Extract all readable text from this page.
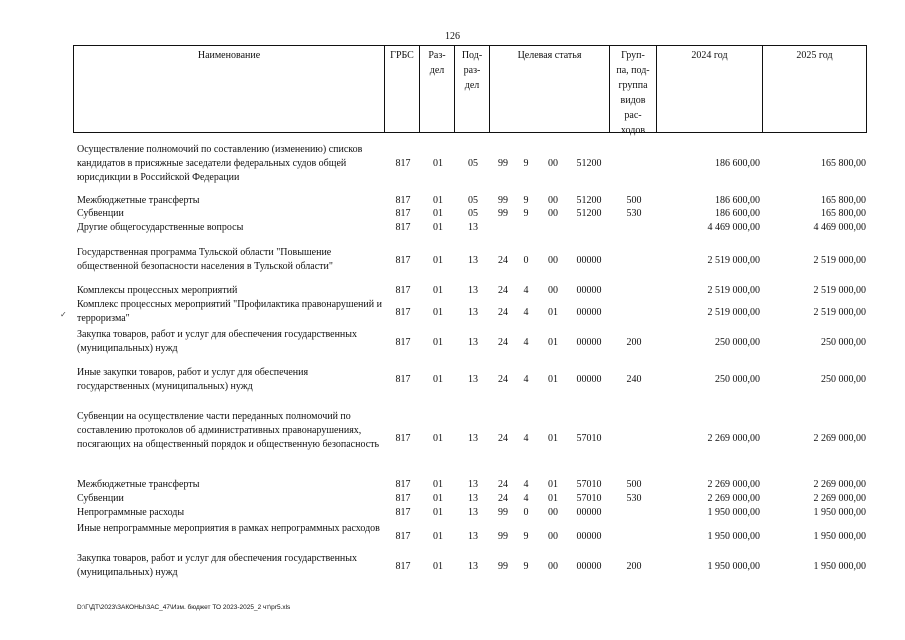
126
Наименование	ГРБС	Раз-
дел
Под-
раз-
дел
Целевая статья	Груп-
па, под-
группа
видов
рас-
ходов
2024 год	2025 год
Осуществление полномочий по составлению (изменению) списков кандидатов в присяжные заседатели федеральных судов общей юрисдикции в Российской Федерации
817	01	05	99	9	00	51200	186 600,00	165 800,00
Межбюджетные трансферты	817	01	05	99	9	00	51200	500	186 600,00	165 800,00
Субвенции	817	01	05	99	9	00	51200	530	186 600,00	165 800,00
Другие общегосударственные вопросы	817	01	13	4 469 000,00	4 469 000,00
Государственная программа Тульской области "Повышение общественной безопасности населения в Тульской области"
817	01	13	24	0	00	00000	2 519 000,00	2 519 000,00
Комплексы процессных мероприятий	817	01	13	24	4	00	00000	2 519 000,00	2 519 000,00
Комплекс процессных мероприятий "Профилактика правонарушений и терроризма"
817	01	13	24	4	01	00000	2 519 000,00	2 519 000,00
Закупка товаров, работ и услуг для обеспечения государственных (муниципальных) нужд
817	01	13	24	4	01	00000	200	250 000,00	250 000,00
Иные закупки товаров, работ и услуг для обеспечения государственных (муниципальных) нужд
817	01	13	24	4	01	00000	240	250 000,00	250 000,00
Субвенции на осуществление части переданных полномочий по составлению протоколов об административных правонарушениях, посягающих на общественный порядок и общественную безопасность
817	01	13	24	4	01	57010	2 269 000,00	2 269 000,00
Межбюджетные трансферты	817	01	13	24	4	01	57010	500	2 269 000,00	2 269 000,00
Субвенции	817	01	13	24	4	01	57010	530	2 269 000,00	2 269 000,00
Непрограммные расходы	817	01	13	99	0	00	00000	1 950 000,00	1 950 000,00
Иные непрограммные мероприятия в рамках непрограммных расходов
817	01	13	99	9	00	00000	1 950 000,00	1 950 000,00
Закупка товаров, работ и услуг для обеспечения государственных (муниципальных) нужд
817	01	13	99	9	00	00000	200	1 950 000,00	1 950 000,00
✓
D:\Г\ДТ\2023\ЗАКОНЫ\ЗАС_47\Изм. бюджет ТО 2023-2025_2 чт\pr5.xls
